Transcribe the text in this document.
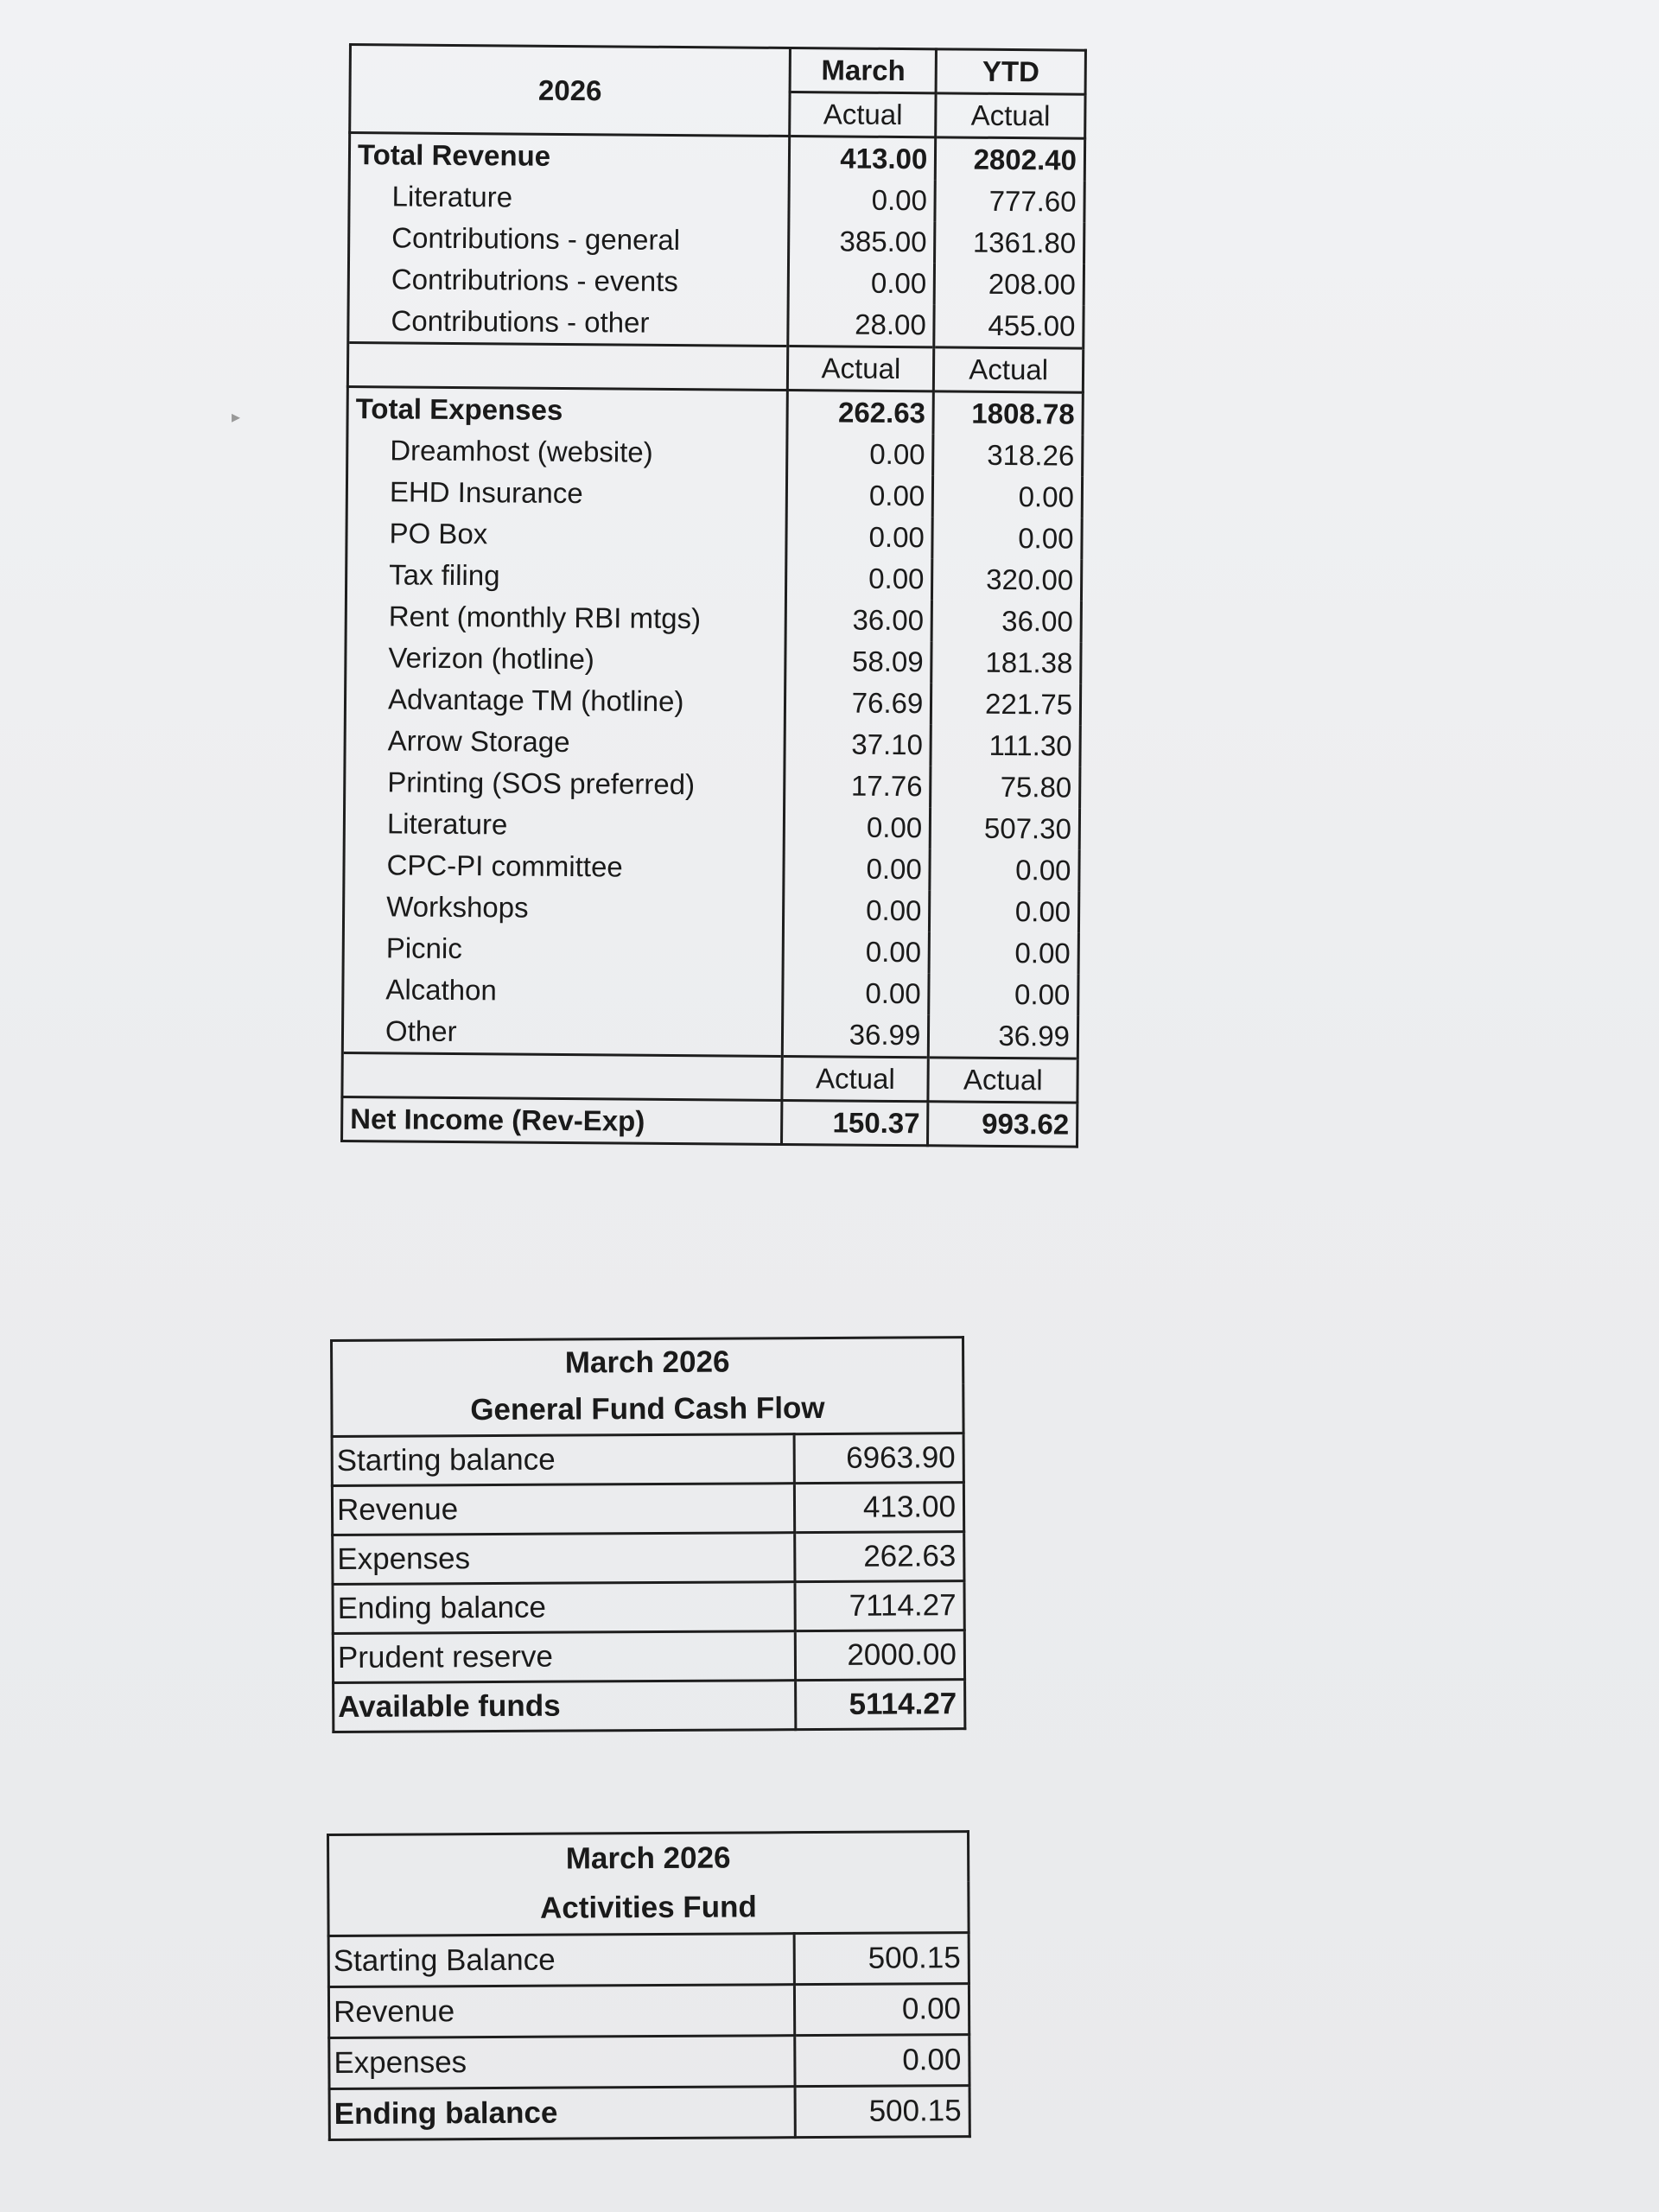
▸
2026	March	YTD
	Actual	Actual
Total Revenue	413.00	2802.40
Literature	0.00	777.60
Contributions - general	385.00	1361.80
Contributrions - events	0.00	208.00
Contributions - other	28.00	455.00
	Actual	Actual
Total Expenses	262.63	1808.78
Dreamhost (website)	0.00	318.26
EHD Insurance	0.00	0.00
PO Box	0.00	0.00
Tax filing	0.00	320.00
Rent (monthly RBI mtgs)	36.00	36.00
Verizon (hotline)	58.09	181.38
Advantage TM (hotline)	76.69	221.75
Arrow Storage	37.10	111.30
Printing (SOS preferred)	17.76	75.80
Literature	0.00	507.30
CPC-PI committee	0.00	0.00
Workshops	0.00	0.00
Picnic	0.00	0.00
Alcathon	0.00	0.00
Other	36.99	36.99
	Actual	Actual
Net Income (Rev-Exp)	150.37	993.62
March 2026	
General Fund Cash Flow	
Starting balance	6963.90
Revenue	413.00
Expenses	262.63
Ending balance	7114.27
Prudent reserve	2000.00
Available funds	5114.27
March 2026	
Activities Fund	
Starting Balance	500.15
Revenue	0.00
Expenses	0.00
Ending balance	500.15
